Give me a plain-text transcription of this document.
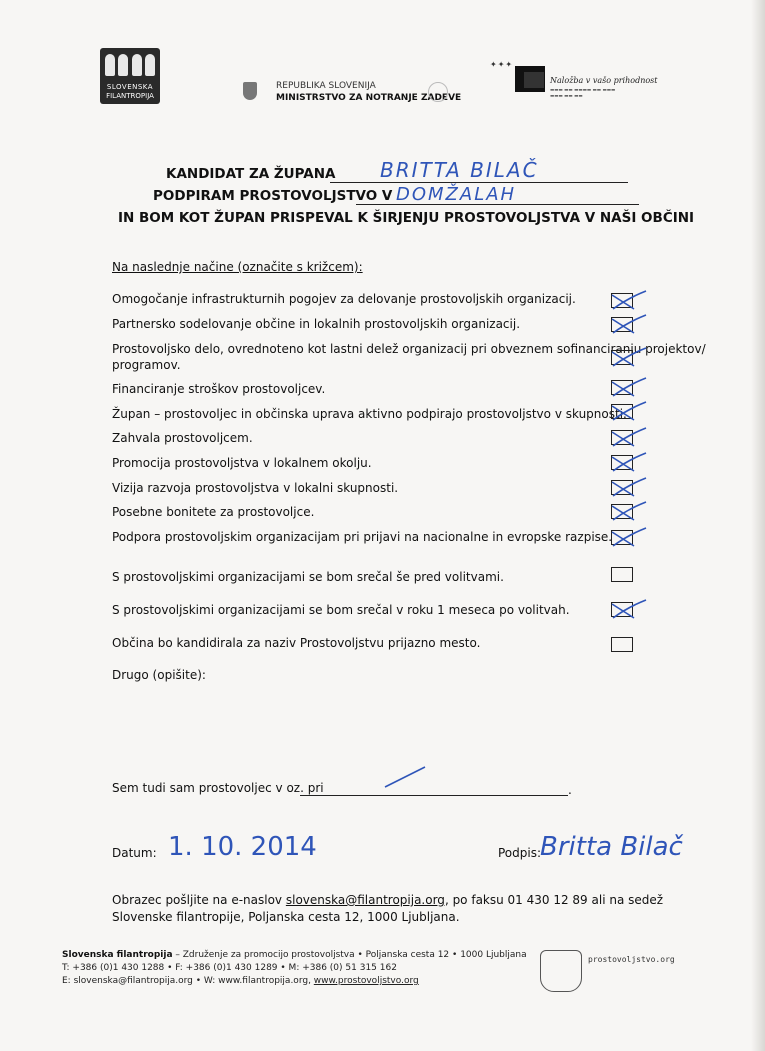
SLOVENSKA
FILANTROPIJA
REPUBLIKA SLOVENIJA
MINISTRSTVO ZA NOTRANJE ZADEVE
✦✦✦
Naložba v vašo prihodnost
▬▬▬ ▬▬ ▬▬▬▬ ▬▬ ▬▬▬
▬▬▬ ▬▬ ▬▬
KANDIDAT ZA ŽUPANA BRITTA BILAČ
PODPIRAM PROSTOVOLJSTVO V DOMŽALAH
IN BOM KOT ŽUPAN PRISPEVAL K ŠIRJENJU PROSTOVOLJSTVA V NAŠI OBČINI
Na naslednje načine (označite s križcem):
Omogočanje infrastrukturnih pogojev za delovanje prostovoljskih organizacij.
Partnersko sodelovanje občine in lokalnih prostovoljskih organizacij.
Prostovoljsko delo, ovrednoteno kot lastni delež organizacij pri obveznem sofinanciranju projektov/
programov.
Financiranje stroškov prostovoljcev.
Župan – prostovoljec in občinska uprava aktivno podpirajo prostovoljstvo v skupnosti.
Zahvala prostovoljcem.
Promocija prostovoljstva v lokalnem okolju.
Vizija razvoja prostovoljstva v lokalni skupnosti.
Posebne bonitete za prostovoljce.
Podpora prostovoljskim organizacijam pri prijavi na nacionalne in evropske razpise.
S prostovoljskimi organizacijami se bom srečal še pred volitvami.
S prostovoljskimi organizacijami se bom srečal v roku 1 meseca po volitvah.
Občina bo kandidirala za naziv Prostovoljstvu prijazno mesto.
Drugo (opišite):
Sem tudi sam prostovoljec v oz. pri	.
Datum: 1. 10. 2014	Podpis:
Britta Bilač
Obrazec pošljite na e-naslov slovenska@filantropija.org, po faksu 01 430 12 89 ali na sedež Slovenske filantropije, Poljanska cesta 12, 1000 Ljubljana.
Slovenska filantropija – Združenje za promocijo prostovoljstva • Poljanska cesta 12 • 1000 Ljubljana
T: +386 (0)1 430 1288 • F: +386 (0)1 430 1289 • M: +386 (0) 51 315 162
E: slovenska@filantropija.org • W: www.filantropija.org, www.prostovoljstvo.org
prostovoljstvo.org
